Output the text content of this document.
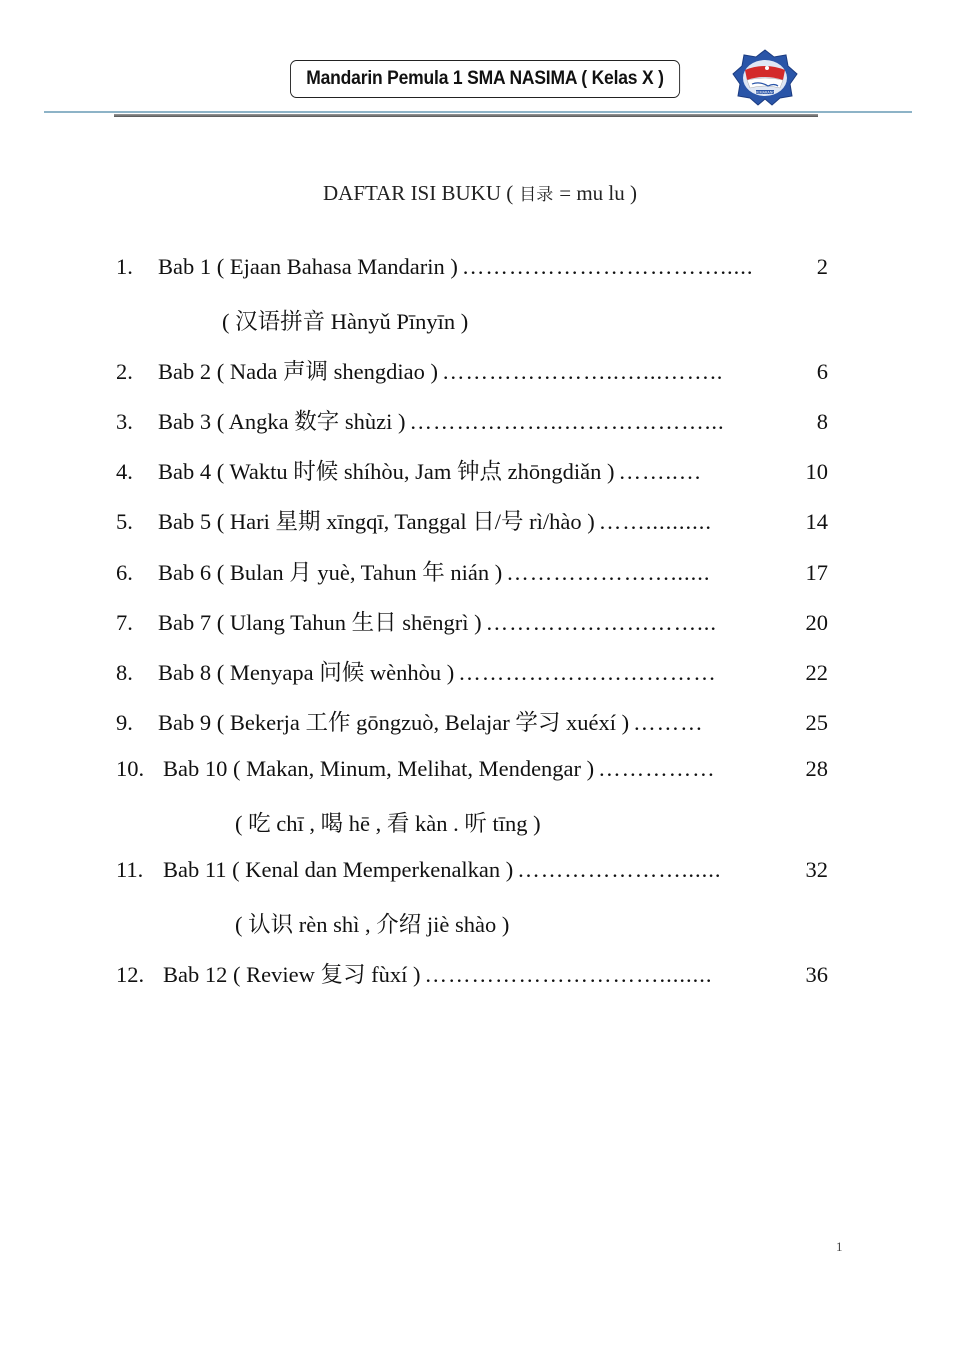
Mandarin Pemula 1 SMA NASIMA ( Kelas X )
SEMARANG
DAFTAR ISI BUKU ( 目录 = mu lu )
1.	Bab 1 ( Ejaan Bahasa Mandarin ) …………………………….....	2
( 汉语拼音 Hànyǔ Pīnyīn )
2.	Bab 2 ( Nada 声调 shengdiao ) …………………..…...……..	6
3.	Bab 3 ( Angka 数字 shùzi ) ………………..………………...	8
4.	Bab 4 ( Waktu 时候 shíhòu, Jam 钟点 zhōngdiǎn ) ……..…	10
5.	Bab 5 ( Hari 星期 xīngqī, Tanggal 日/号 rì/hào ) ……..........	14
6.	Bab 6 ( Bulan 月 yuè, Tahun 年 nián ) …………………......	17
7.	Bab 7 ( Ulang Tahun 生日 shēngrì ) ………………………...	20
8.	Bab 8 ( Menyapa 问候 wènhòu ) ……………………………	22
9.	Bab 9 ( Bekerja 工作 gōngzuò, Belajar 学习 xuéxí ) ………	25
10. Bab 10 ( Makan, Minum, Melihat, Mendengar ) ……………	28
( 吃 chī , 喝 hē , 看 kàn . 听 tīng )
11. Bab 11 ( Kenal dan Memperkenalkan ) …………………......	32
( 认识 rèn shì , 介绍 jiè shào )
12. Bab 12 ( Review 复习 fùxí ) …………………………........	36
1
